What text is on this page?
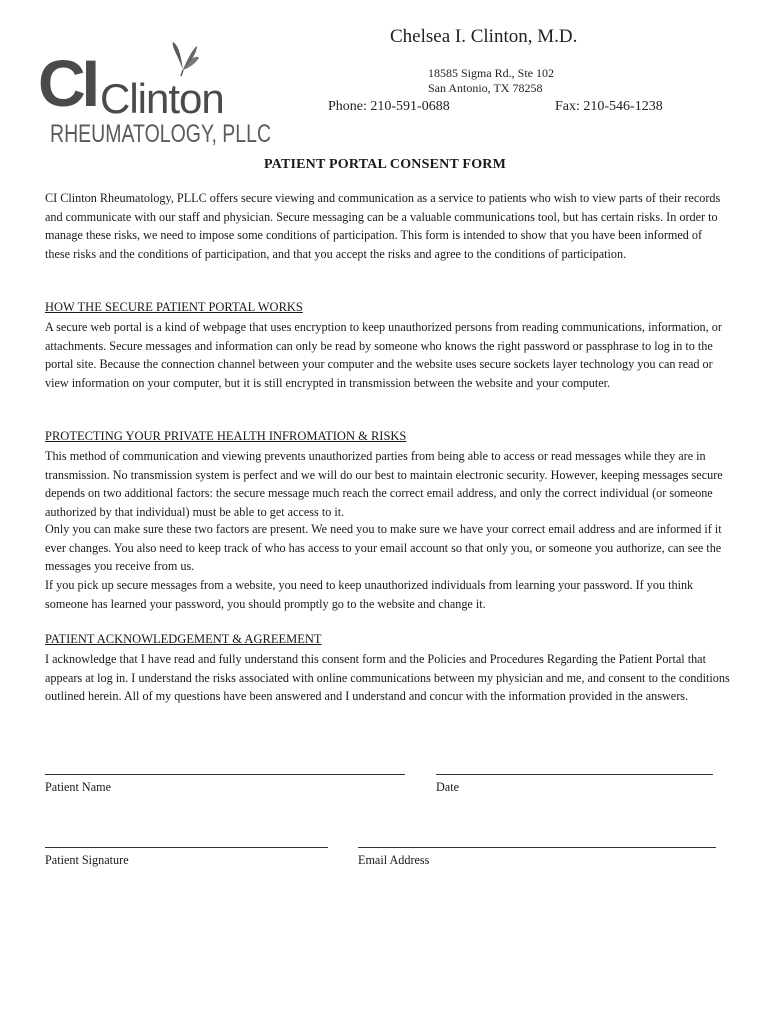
CI Clinton
RHEUMATOLOGY, PLLC
Chelsea I. Clinton, M.D.
18585 Sigma Rd., Ste 102
San Antonio, TX 78258
Phone: 210-591-0688	Fax: 210-546-1238
PATIENT PORTAL CONSENT FORM
CI Clinton Rheumatology, PLLC offers secure viewing and communication as a service to patients who wish to view parts of their records and communicate with our staff and physician. Secure messaging can be a valuable communications tool, but has certain risks. In order to manage these risks, we need to impose some conditions of participation. This form is intended to show that you have been informed of these risks and the conditions of participation, and that you accept the risks and agree to the conditions of participation.
HOW THE SECURE PATIENT PORTAL WORKS
A secure web portal is a kind of webpage that uses encryption to keep unauthorized persons from reading communications, information, or attachments. Secure messages and information can only be read by someone who knows the right password or passphrase to log in to the portal site. Because the connection channel between your computer and the website uses secure sockets layer technology you can read or view information on your computer, but it is still encrypted in transmission between the website and your computer.
PROTECTING YOUR PRIVATE HEALTH INFROMATION & RISKS
This method of communication and viewing prevents unauthorized parties from being able to access or read messages while they are in transmission. No transmission system is perfect and we will do our best to maintain electronic security. However, keeping messages secure depends on two additional factors: the secure message much reach the correct email address, and only the correct individual (or someone authorized by that individual) must be able to get access to it.
Only you can make sure these two factors are present. We need you to make sure we have your correct email address and are informed if it ever changes. You also need to keep track of who has access to your email account so that only you, or someone you authorize, can see the messages you receive from us.
If you pick up secure messages from a website, you need to keep unauthorized individuals from learning your password. If you think someone has learned your password, you should promptly go to the website and change it.
PATIENT ACKNOWLEDGEMENT & AGREEMENT
I acknowledge that I have read and fully understand this consent form and the Policies and Procedures Regarding the Patient Portal that appears at log in. I understand the risks associated with online communications between my physician and me, and consent to the conditions outlined herein. All of my questions have been answered and I understand and concur with the information provided in the answers.
Patient Name	Date
Patient Signature	Email Address
